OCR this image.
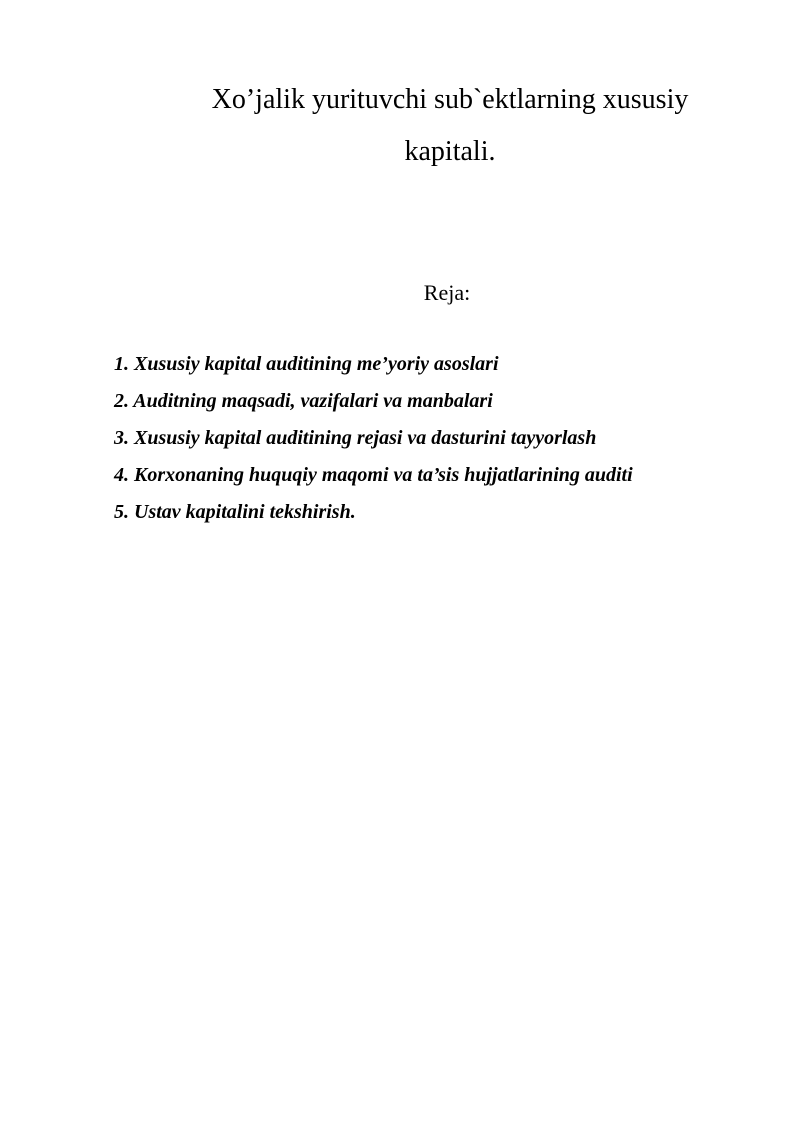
Xo’jalik yurituvchi sub`ektlarning xususiy
kapitali.
Reja:
1. Xususiy kapital auditining me’yoriy asoslari
2. Auditning maqsadi, vazifalari va manbalari
3. Xususiy kapital auditining rejasi va dasturini tayyorlash
4. Korxonaning huquqiy maqomi va ta’sis hujjatlarining auditi
5. Ustav kapitalini tekshirish.
